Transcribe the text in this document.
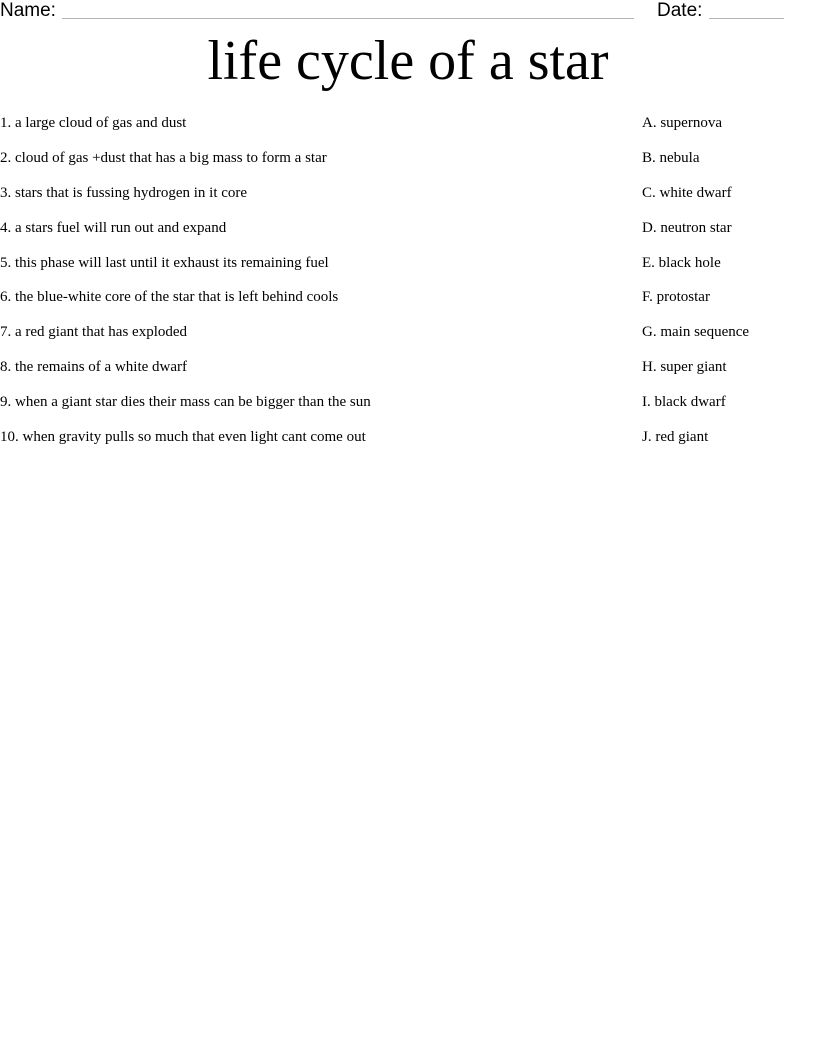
Name:	Date:
life cycle of a star
1. a large cloud of gas and dust
2. cloud of gas +dust that has a big mass to form a star
3. stars that is fussing hydrogen in it core
4. a stars fuel will run out and expand
5. this phase will last until it exhaust its remaining fuel
6. the blue-white core of the star that is left behind cools
7. a red giant that has exploded
8. the remains of a white dwarf
9. when a giant star dies their mass can be bigger than the sun
10. when gravity pulls so much that even light cant come out
A. supernova
B. nebula
C. white dwarf
D. neutron star
E. black hole
F. protostar
G. main sequence
H. super giant
I. black dwarf
J. red giant
